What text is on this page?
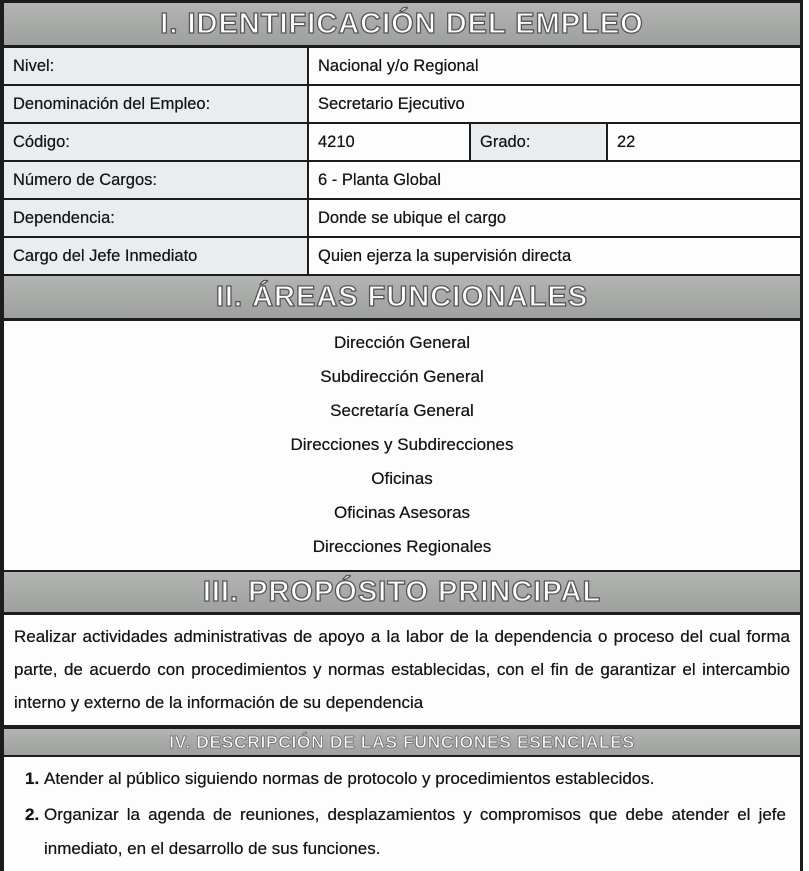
I. IDENTIFICACIÓN DEL EMPLEO
Nivel:	Nacional y/o Regional
Denominación del Empleo:	Secretario Ejecutivo
Código:	4210	Grado:	22
Número de Cargos:	6 - Planta Global
Dependencia:	Donde se ubique el cargo
Cargo del Jefe Inmediato	Quien ejerza la supervisión directa
II. ÁREAS FUNCIONALES
Dirección General
Subdirección General
Secretaría General
Direcciones y Subdirecciones
Oficinas
Oficinas Asesoras
Direcciones Regionales
III. PROPÓSITO PRINCIPAL
Realizar actividades administrativas de apoyo a la labor de la dependencia o proceso del cual forma parte, de acuerdo con procedimientos y normas establecidas, con el fin de garantizar el intercambio interno y externo de la información de su dependencia
IV. DESCRIPCIÓN DE LAS FUNCIONES ESENCIALES
1. Atender al público siguiendo normas de protocolo y procedimientos establecidos.
2. Organizar la agenda de reuniones, desplazamientos y compromisos que debe atender el jefe inmediato, en el desarrollo de sus funciones.
